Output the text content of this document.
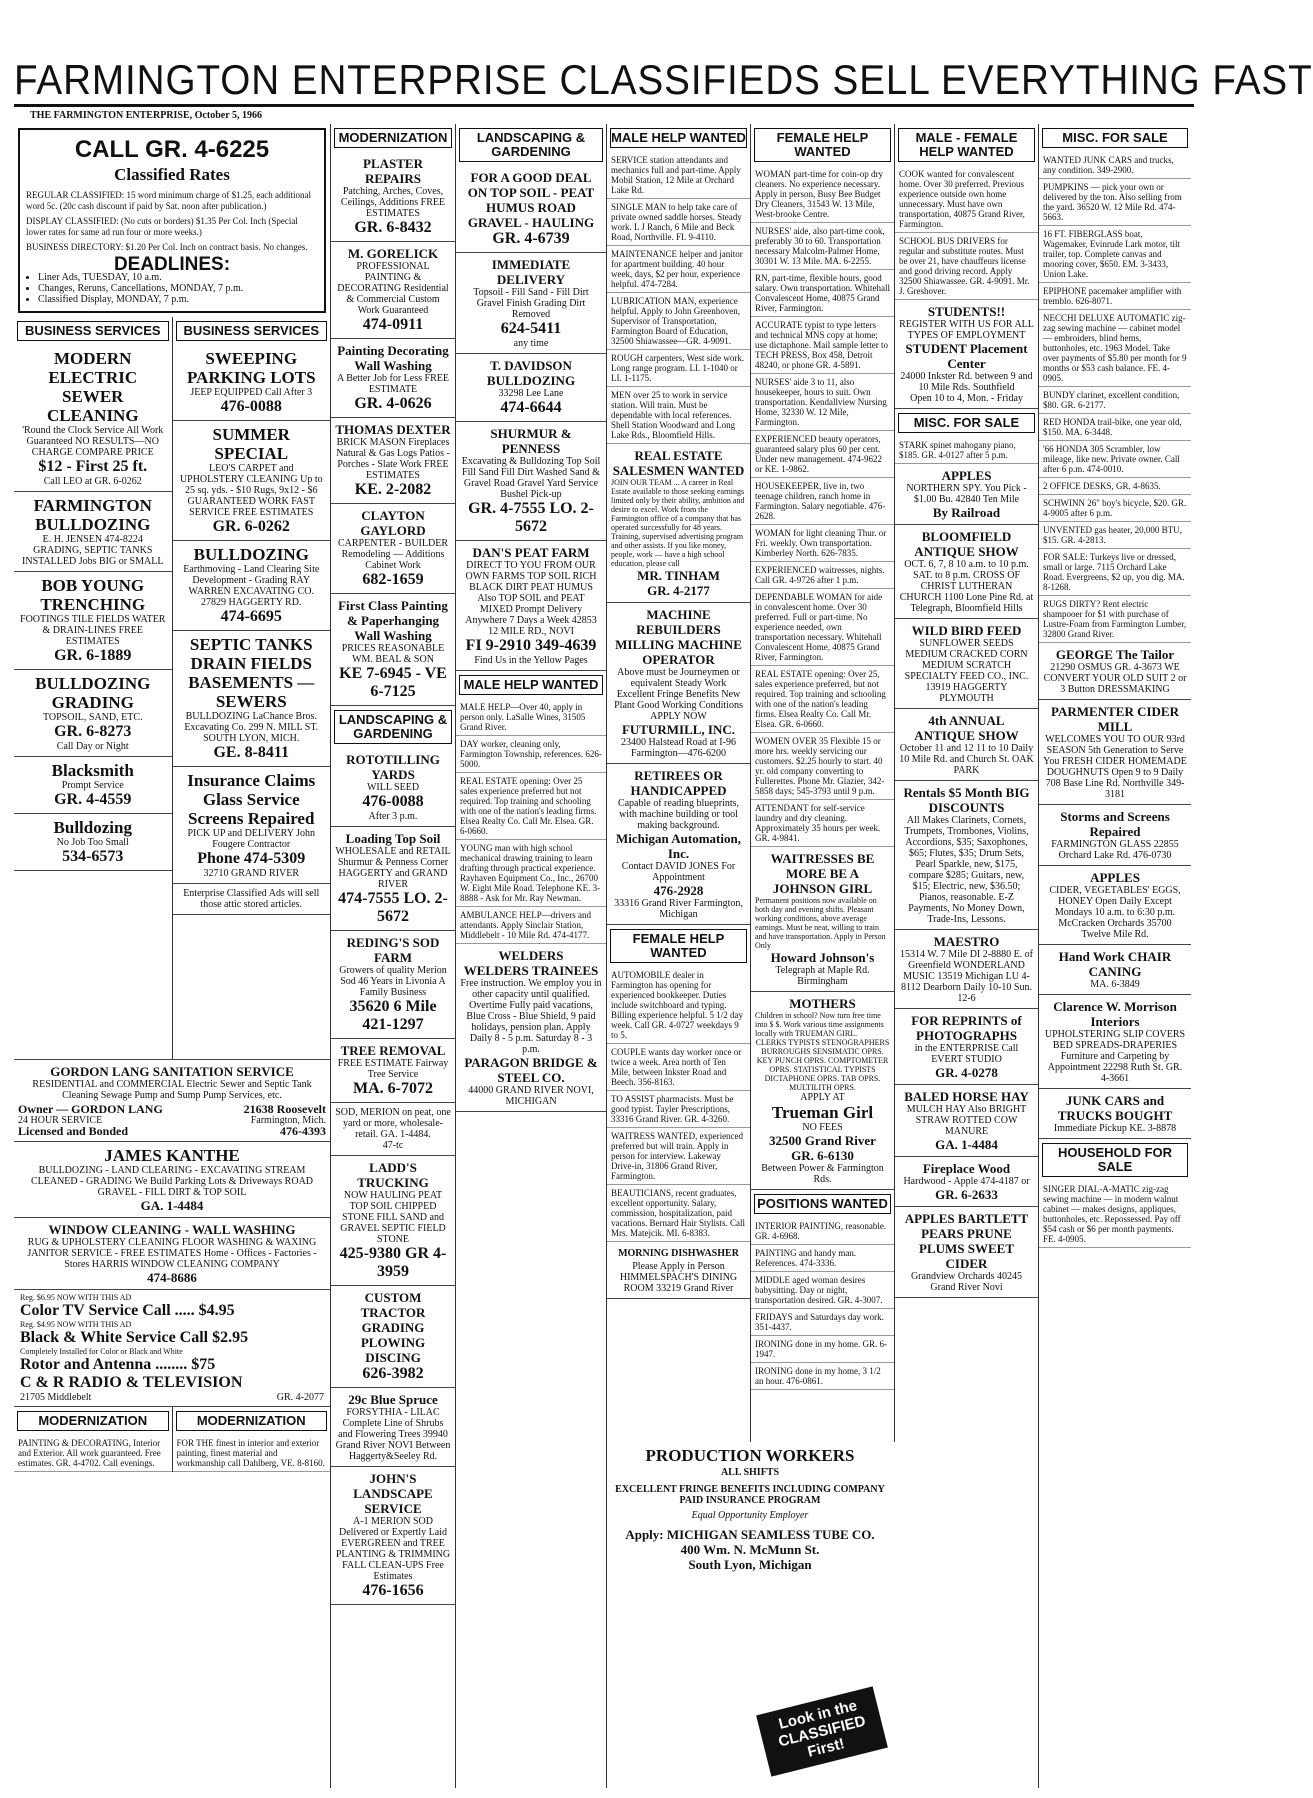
FARMINGTON ENTERPRISE CLASSIFIEDS SELL EVERYTHING FAST
THE FARMINGTON ENTERPRISE, October 5, 1966
CALL GR. 4-6225
Classified Rates
REGULAR CLASSIFIED: 15 word minimum charge of $1.25, each additional word 5c. (20c cash discount if paid by Sat. noon after publication.)
DISPLAY CLASSIFIED: (No cuts or borders) $1.35 Per Col. Inch (Special lower rates for same ad run four or more weeks.)
BUSINESS DIRECTORY: $1.20 Per Col. Inch on contract basis. No changes.
DEADLINES:
• Liner Ads, TUESDAY, 10 a.m.
• Changes, Reruns, Cancellations, MONDAY, 7 p.m.
• Classified Display, MONDAY, 7 p.m.
BUSINESS SERVICES
MODERN ELECTRIC SEWER CLEANING
'Round the Clock Service All Work Guaranteed NO RESULTS—NO CHARGE COMPARE PRICE
$12 - First 25 ft.
Call LEO at GR. 6-0262
FARMINGTON BULLDOZING
E. H. JENSEN 474-8224 GRADING, SEPTIC TANKS INSTALLED Jobs BIG or SMALL
BOB YOUNG TRENCHING
FOOTINGS TILE FIELDS WATER & DRAIN-LINES FREE ESTIMATES
GR. 6-1889
BULLDOZING GRADING
TOPSOIL, SAND, ETC.
GR. 6-8273
Call Day or Night
Blacksmith
Prompt Service
GR. 4-4559
Bulldozing
No Job Too Small
534-6573
BUSINESS SERVICES
SWEEPING PARKING LOTS
JEEP EQUIPPED Call After 3
476-0088
SUMMER SPECIAL
LEO'S CARPET and UPHOLSTERY CLEANING Up to 25 sq. yds. - $10 Rugs, 9x12 - $6 GUARANTEED WORK FAST SERVICE FREE ESTIMATES
GR. 6-0262
BULLDOZING
Earthmoving - Land Clearing Site Development - Grading RAY WARREN EXCAVATING CO. 27829 HAGGERTY RD.
474-6695
SEPTIC TANKS DRAIN FIELDS BASEMENTS — SEWERS
BULLDOZING LaChance Bros. Excavating Co. 299 N. MILL ST. SOUTH LYON, MICH.
GE. 8-8411
Insurance Claims Glass Service Screens Repaired
PICK UP and DELIVERY John Fougere Contractor
Phone 474-5309
32710 GRAND RIVER
Enterprise Classified Ads will sell those attic stored articles.
GORDON LANG SANITATION SERVICE
RESIDENTIAL and COMMERCIAL Electric Sewer and Septic Tank Cleaning Sewage Pump and Sump Pump Services, etc.
Owner — GORDON LANG	21638 Roosevelt
24 HOUR SERVICE	Farmington, Mich.
Licensed and Bonded	476-4393
JAMES KANTHE
BULLDOZING - LAND CLEARING - EXCAVATING STREAM CLEANED - GRADING We Build Parking Lots & Driveways ROAD GRAVEL - FILL DIRT & TOP SOIL
GA. 1-4484
WINDOW CLEANING - WALL WASHING
RUG & UPHOLSTERY CLEANING FLOOR WASHING & WAXING JANITOR SERVICE - FREE ESTIMATES Home - Offices - Factories - Stores HARRIS WINDOW CLEANING COMPANY
474-8686
Reg. $6.95 NOW WITH THIS AD
Color TV Service Call ..... $4.95
Reg. $4.95 NOW WITH THIS AD
Black & White Service Call $2.95
Completely Installed for Color or Black and White
Rotor and Antenna ........ $75
C & R RADIO & TELEVISION
21705 Middlebelt	GR. 4-2077
MODERNIZATION
PAINTING & DECORATING, Interior and Exterior. All work guaranteed. Free estimates. GR. 4-4702. Call evenings.
MODERNIZATION
FOR THE finest in interior and exterior painting, finest material and workmanship call Dahlberg, VE. 8-8160.
MODERNIZATION
PLASTER REPAIRS
Patching, Arches, Coves, Ceilings, Additions FREE ESTIMATES
GR. 6-8432
M. GORELICK
PROFESSIONAL PAINTING & DECORATING Residential & Commercial Custom Work Guaranteed
474-0911
Painting Decorating Wall Washing
A Better Job for Less FREE ESTIMATE
GR. 4-0626
THOMAS DEXTER
BRICK MASON Fireplaces Natural & Gas Logs Patios - Porches - Slate Work FREE ESTIMATES
KE. 2-2082
CLAYTON GAYLORD
CARPENTER - BUILDER Remodeling — Additions Cabinet Work
682-1659
First Class Painting & Paperhanging Wall Washing
PRICES REASONABLE WM. BEAL & SON
KE 7-6945 - VE 6-7125
LANDSCAPING & GARDENING
ROTOTILLING YARDS
WILL SEED
476-0088
After 3 p.m.
Loading Top Soil
WHOLESALE and RETAIL Shurmur & Penness Corner HAGGERTY and GRAND RIVER
474-7555 LO. 2-5672
REDING'S SOD FARM
Growers of quality Merion Sod 46 Years in Livonia A Family Business
35620 6 Mile 421-1297
TREE REMOVAL
FREE ESTIMATE Fairway Tree Service
MA. 6-7072
SOD, MERION on peat, one yard or more, wholesale-retail. GA. 1-4484.
47-tc
LADD'S TRUCKING
NOW HAULING PEAT TOP SOIL CHIPPED STONE FILL SAND and GRAVEL SEPTIC FIELD STONE
425-9380 GR 4-3959
CUSTOM TRACTOR GRADING PLOWING DISCING
626-3982
29c Blue Spruce
FORSYTHIA - LILAC Complete Line of Shrubs and Flowering Trees 39940 Grand River NOVI Between Haggerty&Seeley Rd.
JOHN'S LANDSCAPE SERVICE
A-1 MERION SOD Delivered or Expertly Laid EVERGREEN and TREE PLANTING & TRIMMING FALL CLEAN-UPS Free Estimates
476-1656
LANDSCAPING & GARDENING
FOR A GOOD DEAL ON TOP SOIL - PEAT HUMUS ROAD GRAVEL - HAULING
GR. 4-6739
IMMEDIATE DELIVERY
Topsoil - Fill Sand - Fill Dirt Gravel Finish Grading Dirt Removed
624-5411
any time
T. DAVIDSON BULLDOZING
33298 Lee Lane
474-6644
SHURMUR & PENNESS
Excavating & Bulldozing Top Soil Fill Sand Fill Dirt Washed Sand & Gravel Road Gravel Yard Service Bushel Pick-up
GR. 4-7555 LO. 2-5672
DAN'S PEAT FARM
DIRECT TO YOU FROM OUR OWN FARMS TOP SOIL RICH BLACK DIRT PEAT HUMUS Also TOP SOIL and PEAT MIXED Prompt Delivery Anywhere 7 Days a Week 42853 12 MILE RD., NOVI
FI 9-2910 349-4639
Find Us in the Yellow Pages
MALE HELP WANTED
MALE HELP—Over 40, apply in person only. LaSalle Wines, 31505 Grand River.
DAY worker, cleaning only, Farmington Township, references. 626-5000.
REAL ESTATE opening: Over 25 sales experience preferred but not required. Top training and schooling with one of the nation's leading firms. Elsea Realty Co. Call Mr. Elsea. GR. 6-0660.
YOUNG man with high school mechanical drawing training to learn drafting through practical experience. Rayhaven Equipment Co., Inc., 26700 W. Eight Mile Road. Telephone KE. 3-8888 - Ask for Mr. Ray Newman.
AMBULANCE HELP—drivers and attendants. Apply Sinclair Station, Middlebelt - 10 Mile Rd. 474-4177.
WELDERS
WELDERS TRAINEES
Free instruction. We employ you in other capacity until qualified. Overtime Fully paid vacations, Blue Cross - Blue Shield, 9 paid holidays, pension plan. Apply Daily 8 - 5 p.m. Saturday 8 - 3 p.m.
PARAGON BRIDGE & STEEL CO.
44000 GRAND RIVER NOVI, MICHIGAN
MALE HELP WANTED
SERVICE station attendants and mechanics full and part-time. Apply Mobil Station, 12 Mile at Orchard Lake Rd.
SINGLE MAN to help take care of private owned saddle horses. Steady work. L J Ranch, 6 Mile and Beck Road, Northville. FI. 9-4110.
MAINTENANCE helper and janitor for apartment building. 40 hour week, days, $2 per hour, experience helpful. 474-7284.
LUBRICATION MAN, experience helpful. Apply to John Greenhoven, Supervisor of Transportation, Farmington Board of Education, 32500 Shiawassee—GR. 4-9091.
ROUGH carpenters, West side work. Long range program. LI. 1-1040 or LI. 1-1175.
MEN over 25 to work in service station. Will train. Must be dependable with local references. Shell Station Woodward and Long Lake Rds., Bloomfield Hills.
REAL ESTATE SALESMEN WANTED
JOIN OUR TEAM ... A career in Real Estate available to those seeking earnings limited only by their ability, ambition and desire to excel. Work from the Farmington office of a company that has operated successfully for 48 years. Training, supervised advertising program and other assists. If you like money, people, work — have a high school education, please call
MR. TINHAM
GR. 4-2177
MACHINE REBUILDERS MILLING MACHINE OPERATOR
Above must be Journeymen or equivalent Steady Work Excellent Fringe Benefits New Plant Good Working Conditions APPLY NOW
FUTURMILL, INC.
23400 Halstead Road at I-96 Farmington—476-6200
RETIREES OR HANDICAPPED
Capable of reading blueprints, with machine building or tool making background.
Michigan Automation, Inc.
Contact DAVID JONES For Appointment
476-2928
33316 Grand River Farmington, Michigan
FEMALE HELP WANTED
AUTOMOBILE dealer in Farmington has opening for experienced bookkeeper. Duties include switchboard and typing. Billing experience helpful. 5 1/2 day week. Call GR. 4-0727 weekdays 9 to 5.
COUPLE wants day worker once or twice a week. Area north of Ten Mile, between Inkster Road and Beech. 356-8163.
TO ASSIST pharmacists. Must be good typist. Tayler Prescriptions, 33316 Grand River. GR. 4-3260.
WAITRESS WANTED, experienced preferred but will train. Apply in person for interview. Lakeway Drive-in, 31806 Grand River, Farmington.
BEAUTICIANS, recent graduates, excellent opportunity. Salary, commission, hospitalization, paid vacations. Bernard Hair Stylists. Call Mrs. Matejcik. MI. 6-8383.
MORNING DISHWASHER
Please Apply in Person HIMMELSPACH'S DINING ROOM 33219 Grand River
FEMALE HELP WANTED
WOMAN part-time for coin-op dry cleaners. No experience necessary. Apply in person, Busy Bee Budget Dry Cleaners, 31543 W. 13 Mile, West-brooke Centre.
NURSES' aide, also part-time cook, preferably 30 to 60. Transportation necessary Malcolm-Palmer Home, 30301 W. 13 Mile. MA. 6-2255.
RN, part-time, flexible hours, good salary. Own transportation. Whitehall Convalescent Home, 40875 Grand River, Farmington.
ACCURATE typist to type letters and technical MNS copy at home; use dictaphone. Mail sample letter to TECH PRESS, Box 458, Detroit 48240, or phone GR. 4-5891.
NURSES' aide 3 to 11, also housekeeper, hours to suit. Own transportation. Kendallview Nursing Home, 32330 W. 12 Mile, Farmington.
EXPERIENCED beauty operators, guaranteed salary plus 60 per cent. Under new management. 474-9622 or KE. 1-9862.
HOUSEKEEPER, live in, two teenage children, ranch home in Farmington. Salary negotiable. 476-2628.
WOMAN for light cleaning Thur. or Fri. weekly. Own transportation. Kimberley North. 626-7835.
EXPERIENCED waitresses, nights. Call GR. 4-9726 after 1 p.m.
DEPENDABLE WOMAN for aide in convalescent home. Over 30 preferred. Full or part-time. No experience needed, own transportation necessary. Whitehall Convalescent Home, 40875 Grand River, Farmington.
REAL ESTATE opening: Over 25, sales experience preferred, but not required. Top training and schooling with one of the nation's leading firms. Elsea Realty Co. Call Mr. Elsea. GR. 6-0660.
WOMEN OVER 35 Flexible 15 or more hrs. weekly servicing our customers. $2.25 hourly to start. 40 yr. old company converting to Fullerettes. Phone Mr. Glazier, 342-5858 days; 545-3793 until 9 p.m.
ATTENDANT for self-service laundry and dry cleaning. Approximately 35 hours per week. GR. 4-9841.
WAITRESSES BE MORE BE A JOHNSON GIRL
Permanent positions now available on both day and evening shifts. Pleasant working conditions, above average earnings. Must be neat, willing to train and have transportation. Apply in Person Only
Howard Johnson's
Telegraph at Maple Rd. Birmingham
MOTHERS
Children in school? Now turn free time into $ $. Work various time assignments locally with TRUEMAN GIRL.
CLERKS TYPISTS STENOGRAPHERS BURROUGHS SENSIMATIC OPRS. KEY PUNCH OPRS. COMPTOMETER OPRS. STATISTICAL TYPISTS DICTAPHONE OPRS. TAB OPRS. MULTILITH OPRS.
APPLY AT
Trueman Girl
NO FEES
32500 Grand River
GR. 6-6130
Between Power & Farmington Rds.
POSITIONS WANTED
INTERIOR PAINTING, reasonable. GR. 4-6968.
PAINTING and handy man. References. 474-3336.
MIDDLE aged woman desires babysitting. Day or night, transportation desired. GR. 4-3007.
FRIDAYS and Saturdays day work. 351-4437.
IRONING done in my home. GR. 6-1947.
IRONING done in my home, 3 1/2 an hour. 476-0861.
PRODUCTION WORKERS
ALL SHIFTS
EXCELLENT FRINGE BENEFITS INCLUDING COMPANY PAID INSURANCE PROGRAM
Equal Opportunity Employer
Apply: MICHIGAN SEAMLESS TUBE CO.
400 Wm. N. McMunn St.
South Lyon, Michigan
Look in the CLASSIFIED First!
MALE - FEMALE HELP WANTED
COOK wanted for convalescent home. Over 30 preferred. Previous experience outside own home unnecessary. Must have own transportation, 40875 Grand River, Farmington.
SCHOOL BUS DRIVERS for regular and substitute routes. Must be over 21, have chauffeurs license and good driving record. Apply 32500 Shiawassee. GR. 4-9091. Mr. J. Greshover.
STUDENTS!!
REGISTER WITH US FOR ALL TYPES OF EMPLOYMENT
STUDENT Placement Center
24000 Inkster Rd. between 9 and 10 Mile Rds. Southfield
Open 10 to 4, Mon. - Friday
MISC. FOR SALE
STARK spinet mahogany piano, $185. GR. 4-0127 after 5 p.m.
APPLES
NORTHERN SPY. You Pick - $1.00 Bu. 42840 Ten Mile
By Railroad
BLOOMFIELD ANTIQUE SHOW
OCT. 6, 7, 8 10 a.m. to 10 p.m. SAT. to 8 p.m. CROSS OF CHRIST LUTHERAN CHURCH 1100 Lone Pine Rd. at Telegraph, Bloomfield Hills
WILD BIRD FEED
SUNFLOWER SEEDS MEDIUM CRACKED CORN MEDIUM SCRATCH SPECIALTY FEED CO., INC. 13919 HAGGERTY PLYMOUTH
4th ANNUAL ANTIQUE SHOW
October 11 and 12 11 to 10 Daily 10 Mile Rd. and Church St. OAK PARK
Rentals $5 Month BIG DISCOUNTS
All Makes Clarinets, Cornets, Trumpets, Trombones, Violins, Accordions, $35; Saxophones, $65; Flutes, $35; Drum Sets, Pearl Sparkle, new, $175, compare $285; Guitars, new, $15; Electric, new, $36.50; Pianos, reasonable. E-Z Payments, No Money Down, Trade-Ins, Lessons.
MAESTRO
15314 W. 7 Mile DI 2-8880 E. of Greenfield WONDERLAND MUSIC 13519 Michigan LU 4-8112 Dearborn Daily 10-10 Sun. 12-6
FOR REPRINTS of PHOTOGRAPHS
in the ENTERPRISE Call EVERT STUDIO
GR. 4-0278
BALED HORSE HAY
MULCH HAY Also BRIGHT STRAW ROTTED COW MANURE
GA. 1-4484
Fireplace Wood
Hardwood - Apple 474-4187 or
GR. 6-2633
APPLES BARTLETT PEARS PRUNE PLUMS SWEET CIDER
Grandview Orchards 40245 Grand River Novi
MISC. FOR SALE
WANTED JUNK CARS and trucks, any condition. 349-2900.
PUMPKINS — pick your own or delivered by the ton. Also selling from the yard. 36520 W. 12 Mile Rd. 474-5663.
16 FT. FIBERGLASS boat, Wagemaker, Evinrude Lark motor, tilt trailer, top. Complete canvas and mooring cover, $650. EM. 3-3433, Union Lake.
EPIPHONE pacemaker amplifier with tremblo. 626-8071.
NECCHI DELUXE AUTOMATIC zig-zag sewing machine — cabinet model — embroiders, blind hems, buttonholes, etc. 1963 Model. Take over payments of $5.80 per month for 9 months or $53 cash balance. FE. 4-0905.
BUNDY clarinet, excellent condition, $80. GR. 6-2177.
RED HONDA trail-bike, one year old, $150. MA. 6-3448.
'66 HONDA 305 Scrambler, low mileage, like new. Private owner. Call after 6 p.m. 474-0010.
2 OFFICE DESKS, GR. 4-8635.
SCHWINN 26" boy's bicycle, $20. GR. 4-9005 after 6 p.m.
UNVENTED gas heater, 20,000 BTU, $15. GR. 4-2813.
FOR SALE: Turkeys live or dressed, small or large. 7115 Orchard Lake Road. Evergreens, $2 up, you dig. MA. 8-1268.
RUGS DIRTY? Rent electric shampooer for $1 with purchase of Lustre-Foam from Farmington Lumber, 32800 Grand River.
GEORGE The Tailor
21290 OSMUS GR. 4-3673 WE CONVERT YOUR OLD SUIT 2 or 3 Button DRESSMAKING
PARMENTER CIDER MILL
WELCOMES YOU TO OUR 93rd SEASON 5th Generation to Serve You FRESH CIDER HOMEMADE DOUGHNUTS Open 9 to 9 Daily 708 Base Line Rd. Northville 349-3181
Storms and Screens Repaired
FARMINGTON GLASS 22855 Orchard Lake Rd. 476-0730
APPLES
CIDER, VEGETABLES' EGGS, HONEY Open Daily Except Mondays 10 a.m. to 6:30 p.m. McCracken Orchards 35700 Twelve Mile Rd.
Hand Work CHAIR CANING
MA. 6-3849
Clarence W. Morrison Interiors
UPHOLSTERING SLIP COVERS BED SPREADS-DRAPERIES Furniture and Carpeting by Appointment 22298 Ruth St. GR. 4-3661
JUNK CARS and TRUCKS BOUGHT
Immediate Pickup KE. 3-8878
HOUSEHOLD FOR SALE
SINGER DIAL-A-MATIC zig-zag sewing machine — in modern walnut cabinet — makes designs, appliques, buttonholes, etc. Repossessed. Pay off $54 cash or $6 per month payments. FE. 4-0905.
